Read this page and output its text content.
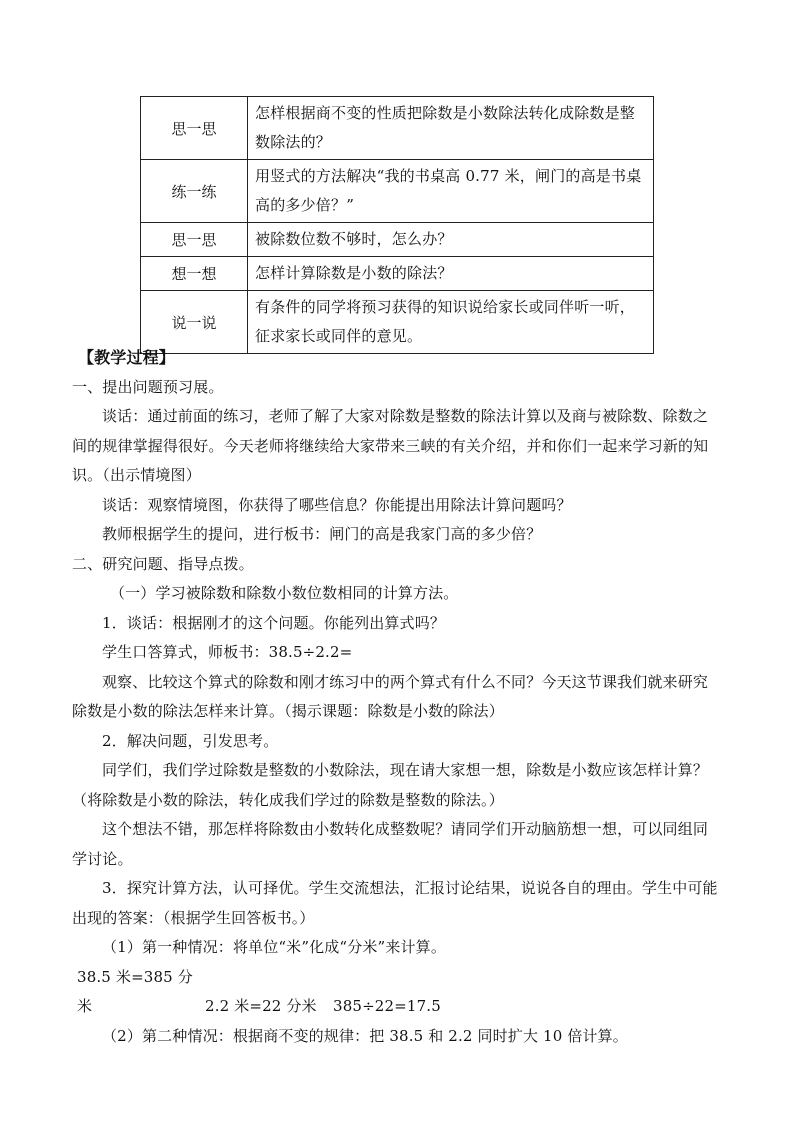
思一思	怎样根据商不变的性质把除数是小数除法转化成除数是整数除法的？
练一练	用竖式的方法解决“我的书桌高 0.77 米，闸门的高是书桌高的多少倍？”
思一思	被除数位数不够时，怎么办？
想一想	怎样计算除数是小数的除法？
说一说	有条件的同学将预习获得的知识说给家长或同伴听一听，征求家长或同伴的意见。

【教学过程】

一、提出问题预习展。

谈话：通过前面的练习，老师了解了大家对除数是整数的除法计算以及商与被除数、除数之间的规律掌握得很好。今天老师将继续给大家带来三峡的有关介绍，并和你们一起来学习新的知识。（出示情境图）

谈话：观察情境图，你获得了哪些信息？你能提出用除法计算问题吗？

教师根据学生的提问，进行板书：闸门的高是我家门高的多少倍？

二、研究问题、指导点拨。

（一）学习被除数和除数小数位数相同的计算方法。

1．谈话：根据刚才的这个问题。你能列出算式吗？

学生口答算式，师板书：38.5÷2.2=

观察、比较这个算式的除数和刚才练习中的两个算式有什么不同？今天这节课我们就来研究除数是小数的除法怎样来计算。（揭示课题：除数是小数的除法）

2．解决问题，引发思考。

同学们，我们学过除数是整数的小数除法，现在请大家想一想，除数是小数应该怎样计算？（将除数是小数的除法，转化成我们学过的除数是整数的除法。）

这个想法不错，那怎样将除数由小数转化成整数呢？请同学们开动脑筋想一想，可以同组同学讨论。

3．探究计算方法，认可择优。学生交流想法，汇报讨论结果，说说各自的理由。学生中可能出现的答案：（根据学生回答板书。）

（1）第一种情况：将单位“米”化成“分米”来计算。

38.5 米=385 分米	2.2 米=22 分米 385÷22=17.5

（2）第二种情况：根据商不变的规律：把 38.5 和 2.2 同时扩大 10 倍计算。
